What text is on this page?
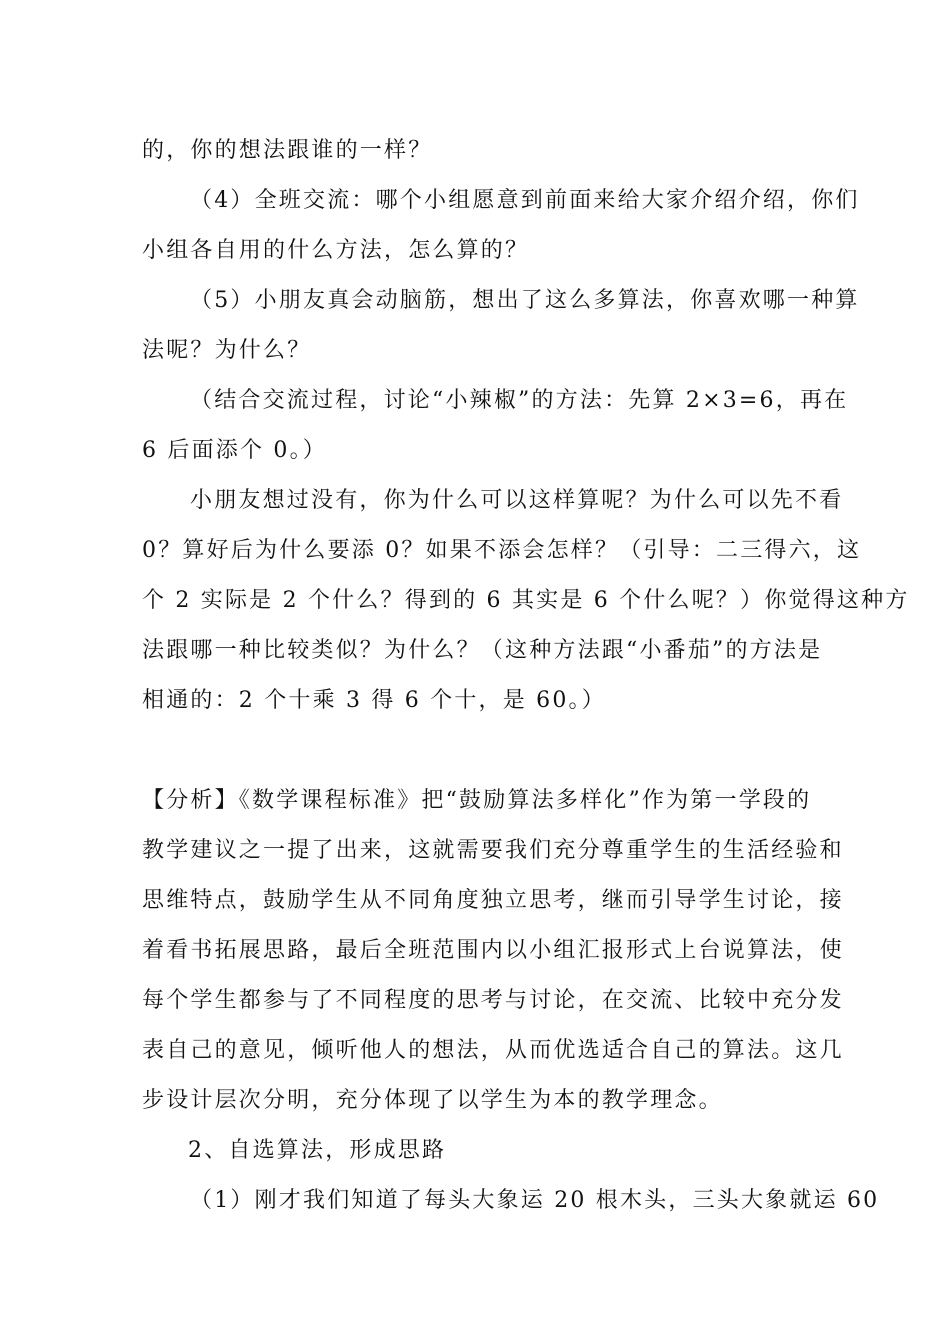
的，你的想法跟谁的一样？
（4）全班交流：哪个小组愿意到前面来给大家介绍介绍，你们
小组各自用的什么方法，怎么算的？
（5）小朋友真会动脑筋，想出了这么多算法，你喜欢哪一种算
法呢？为什么？
（结合交流过程，讨论“小辣椒”的方法：先算 2×3=6，再在
6 后面添个 0。）
小朋友想过没有，你为什么可以这样算呢？为什么可以先不看
0？算好后为什么要添 0？如果不添会怎样？（引导：二三得六，这
个 2 实际是 2 个什么？得到的 6 其实是 6 个什么呢？）你觉得这种方
法跟哪一种比较类似？为什么？（这种方法跟“小番茄”的方法是
相通的：2 个十乘 3 得 6 个十，是 60。）
【分析】《数学课程标准》把“鼓励算法多样化”作为第一学段的
教学建议之一提了出来，这就需要我们充分尊重学生的生活经验和
思维特点，鼓励学生从不同角度独立思考，继而引导学生讨论，接
着看书拓展思路，最后全班范围内以小组汇报形式上台说算法，使
每个学生都参与了不同程度的思考与讨论，在交流、比较中充分发
表自己的意见，倾听他人的想法，从而优选适合自己的算法。这几
步设计层次分明，充分体现了以学生为本的教学理念。
2、自选算法，形成思路
（1）刚才我们知道了每头大象运 20 根木头，三头大象就运 60
